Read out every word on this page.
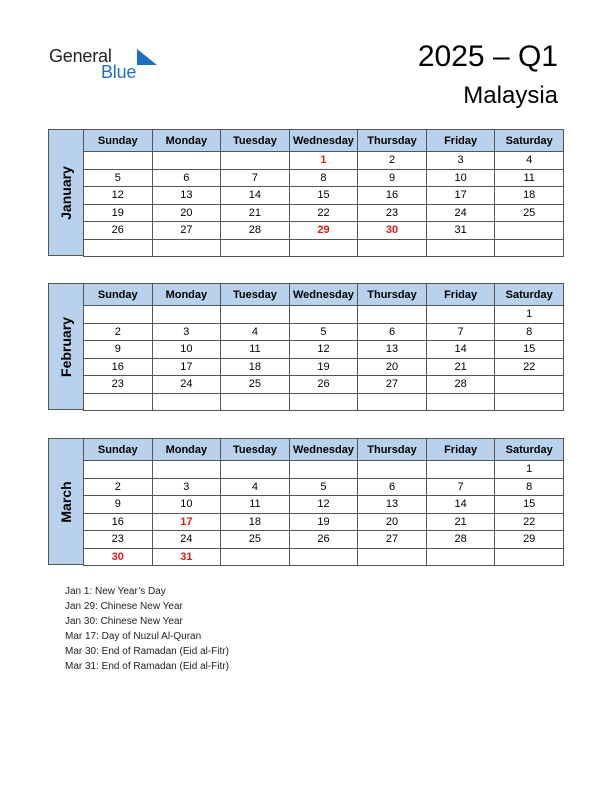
General
Blue	2025 – Q1
Malaysia
January
Sunday	Monday	Tuesday	Wednesday	Thursday	Friday	Saturday
			1	2	3	4
5	6	7	8	9	10	11
12	13	14	15	16	17	18
19	20	21	22	23	24	25
26	27	28	29	30	31	

February
Sunday	Monday	Tuesday	Wednesday	Thursday	Friday	Saturday
						1
2	3	4	5	6	7	8
9	10	11	12	13	14	15
16	17	18	19	20	21	22
23	24	25	26	27	28	

March
Sunday	Monday	Tuesday	Wednesday	Thursday	Friday	Saturday
						1
2	3	4	5	6	7	8
9	10	11	12	13	14	15
16	17	18	19	20	21	22
23	24	25	26	27	28	29
30	31					
Jan 1: New Year’s Day
Jan 29: Chinese New Year
Jan 30: Chinese New Year
Mar 17: Day of Nuzul Al-Quran
Mar 30: End of Ramadan (Eid al-Fitr)
Mar 31: End of Ramadan (Eid al-Fitr)
